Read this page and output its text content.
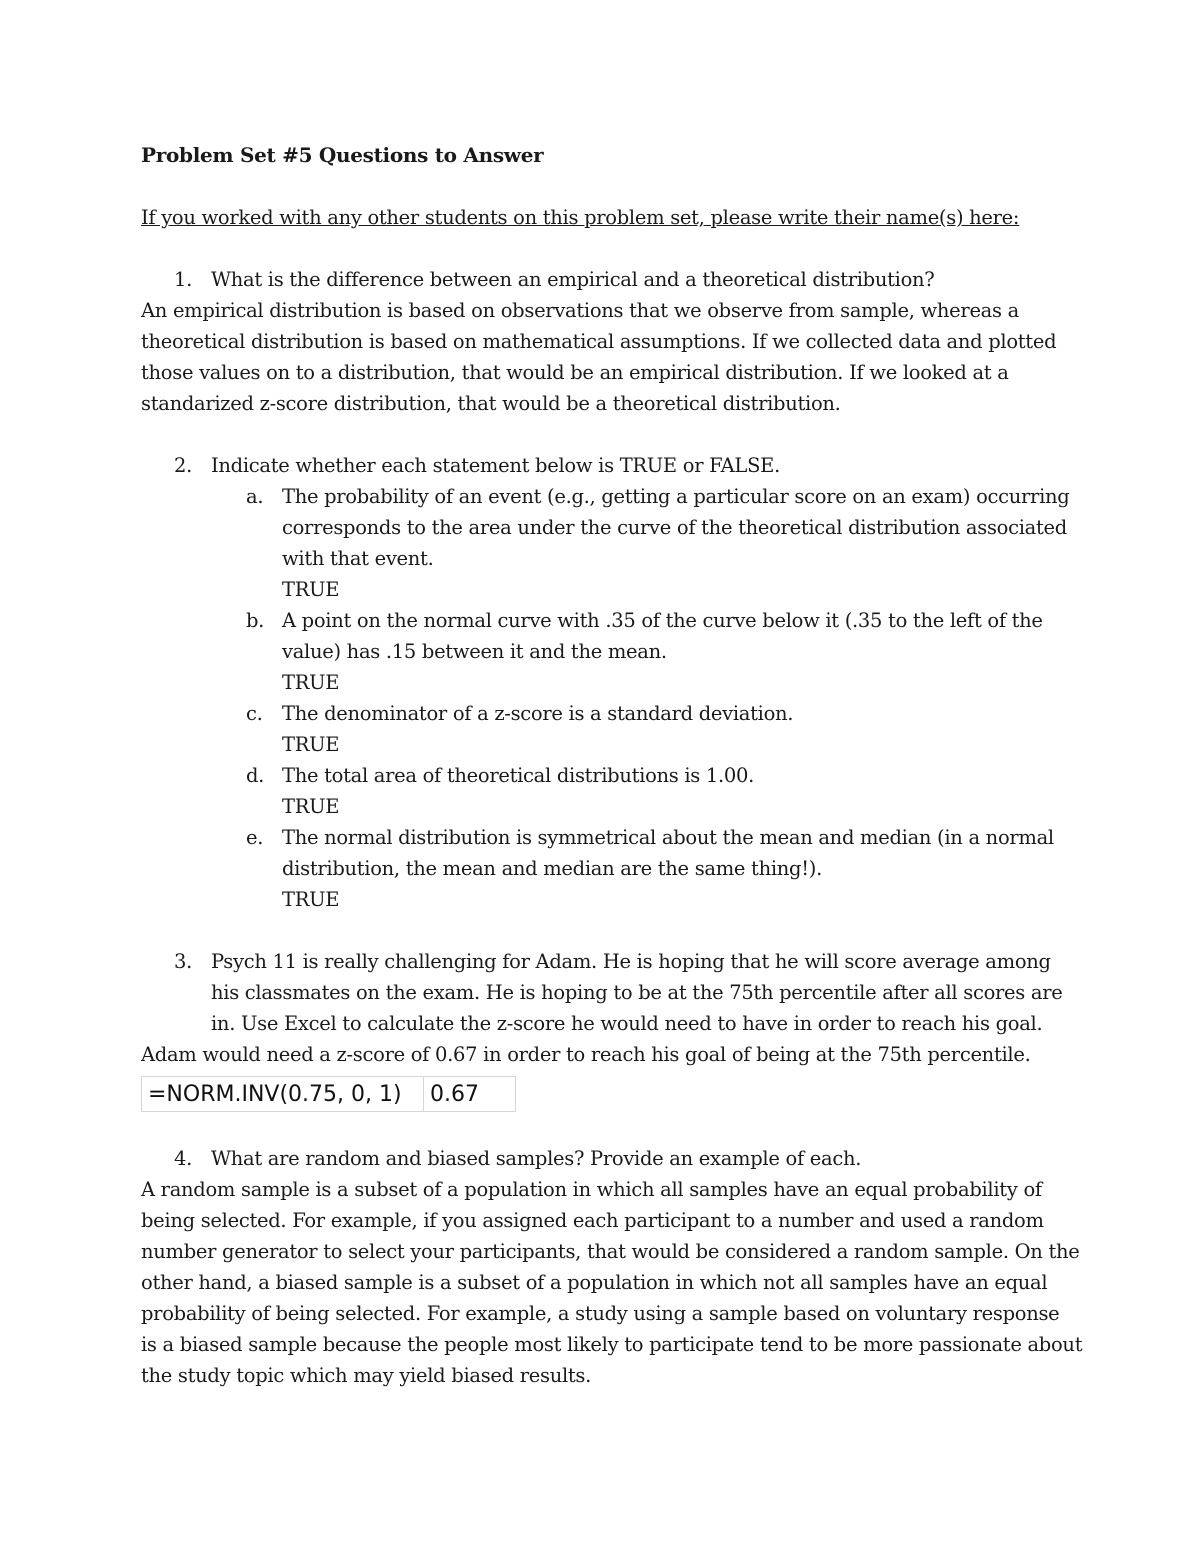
Problem Set #5 Questions to Answer
If you worked with any other students on this problem set, please write their name(s) here:
1. What is the difference between an empirical and a theoretical distribution?
An empirical distribution is based on observations that we observe from sample, whereas a
theoretical distribution is based on mathematical assumptions. If we collected data and plotted
those values on to a distribution, that would be an empirical distribution. If we looked at a
standarized z-score distribution, that would be a theoretical distribution.
2. Indicate whether each statement below is TRUE or FALSE.
a. The probability of an event (e.g., getting a particular score on an exam) occurring
corresponds to the area under the curve of the theoretical distribution associated
with that event.
TRUE
b. A point on the normal curve with .35 of the curve below it (.35 to the left of the
value) has .15 between it and the mean.
TRUE
c. The denominator of a z-score is a standard deviation.
TRUE
d. The total area of theoretical distributions is 1.00.
TRUE
e. The normal distribution is symmetrical about the mean and median (in a normal
distribution, the mean and median are the same thing!).
TRUE
3. Psych 11 is really challenging for Adam. He is hoping that he will score average among
his classmates on the exam. He is hoping to be at the 75th percentile after all scores are
in. Use Excel to calculate the z-score he would need to have in order to reach his goal.
Adam would need a z-score of 0.67 in order to reach his goal of being at the 75th percentile.
=NORM.INV(0.75, 0, 1)	0.67
4. What are random and biased samples? Provide an example of each.
A random sample is a subset of a population in which all samples have an equal probability of
being selected. For example, if you assigned each participant to a number and used a random
number generator to select your participants, that would be considered a random sample. On the
other hand, a biased sample is a subset of a population in which not all samples have an equal
probability of being selected. For example, a study using a sample based on voluntary response
is a biased sample because the people most likely to participate tend to be more passionate about
the study topic which may yield biased results.
